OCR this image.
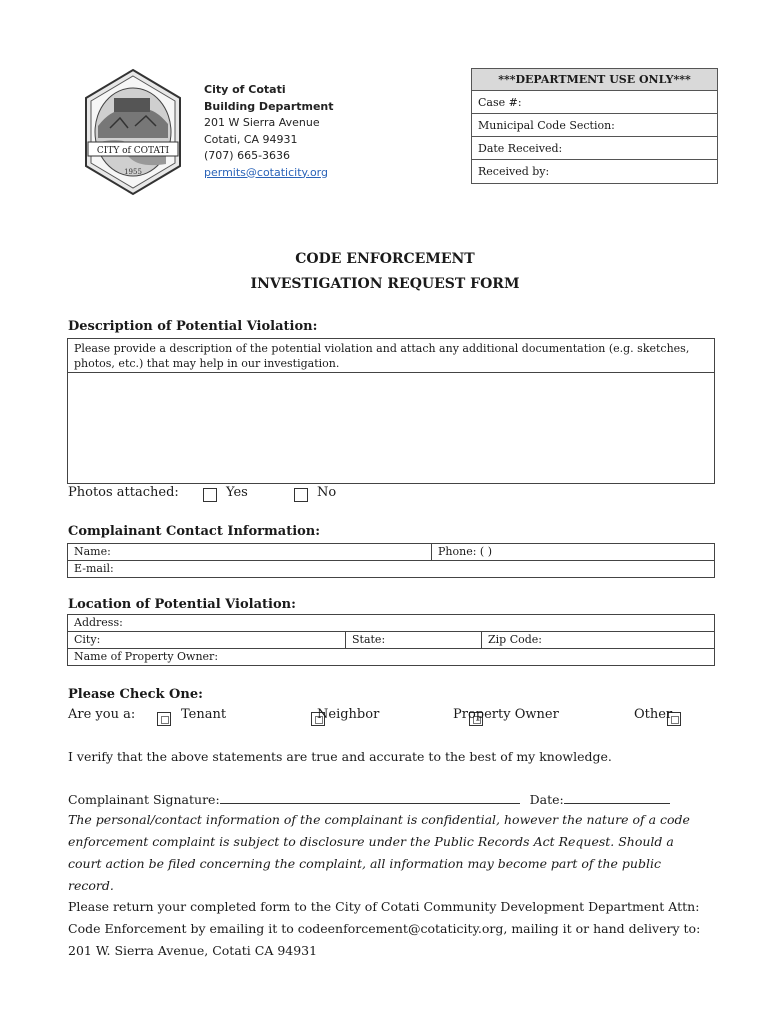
CITY of COTATI
1955
City of Cotati
Building Department
201 W Sierra Avenue
Cotati, CA 94931
(707) 665-3636
permits@cotaticity.org
***DEPARTMENT USE ONLY***
Case #:
Municipal Code Section:
Date Received:
Received by:
CODE ENFORCEMENT
INVESTIGATION REQUEST FORM
Description of Potential Violation:
Please provide a description of the potential violation and attach any additional documentation (e.g. sketches, photos, etc.) that may help in our investigation.
Photos attached:	Yes	No
Complainant Contact Information:
Name:	Phone: ( )
E-mail:
Location of Potential Violation:
Address:
City:	State:	Zip Code:
Name of Property Owner:
Please Check One:
Are you a:
	Tenant
	Neighbor
	Property Owner	Other
I verify that the above statements are true and accurate to the best of my knowledge.
Complainant Signature:	Date:
The personal/contact information of the complainant is confidential, however the nature of a code enforcement complaint is subject to disclosure under the Public Records Act Request. Should a court action be filed concerning the complaint, all information may become part of the public record.
Please return your completed form to the City of Cotati Community Development Department Attn: Code Enforcement by emailing it to codeenforcement@cotaticity.org, mailing it or hand delivery to: 201 W. Sierra Avenue, Cotati CA 94931
